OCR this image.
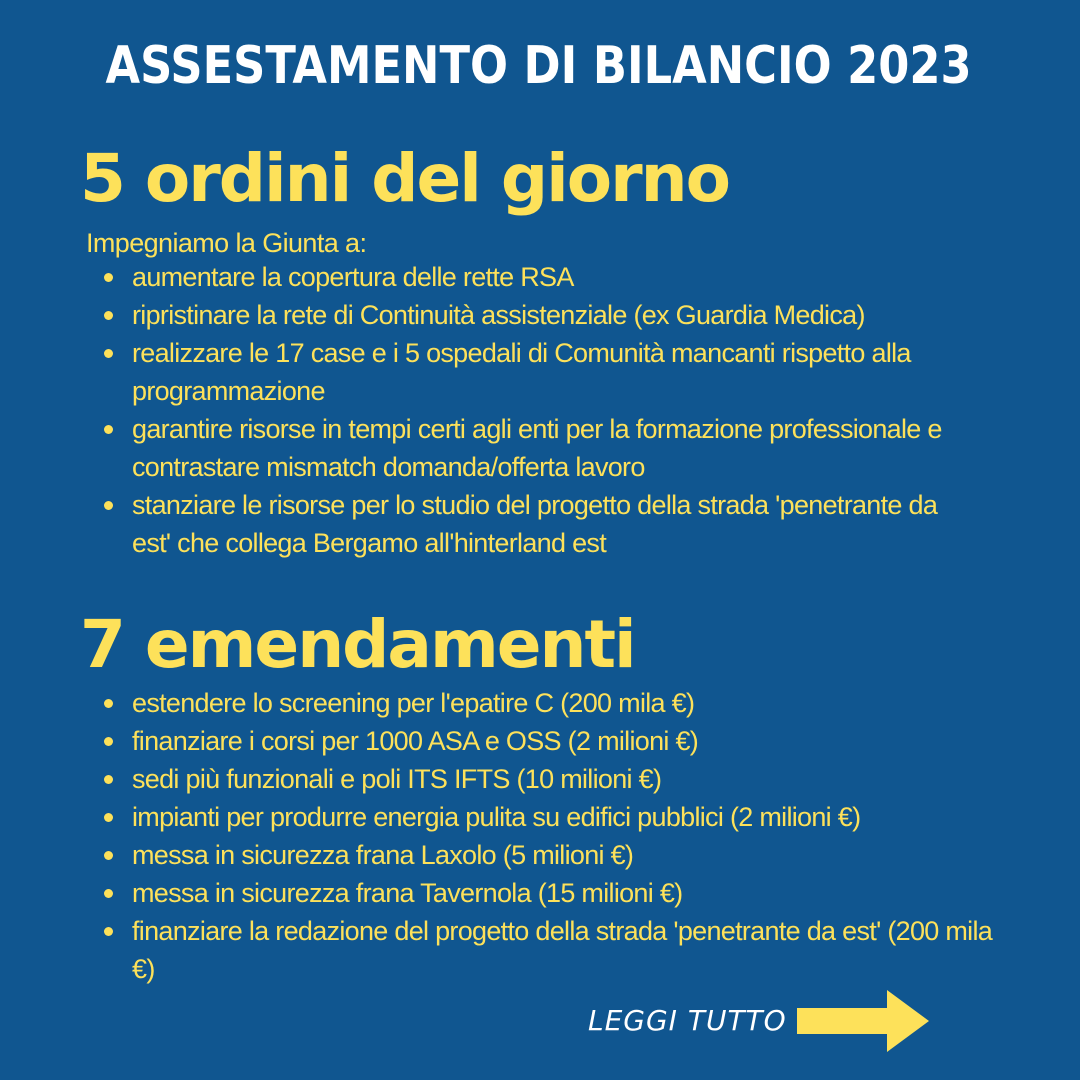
ASSESTAMENTO DI BILANCIO 2023
5 ordini del giorno
Impegniamo la Giunta a:
aumentare la copertura delle rette RSA
ripristinare la rete di Continuità assistenziale (ex Guardia Medica)
realizzare le 17 case e i 5 ospedali di Comunità mancanti rispetto alla programmazione
garantire risorse in tempi certi agli enti per la formazione professionale e contrastare mismatch domanda/offerta lavoro
stanziare le risorse per lo studio del progetto della strada 'penetrante da est' che collega Bergamo all'hinterland est
7 emendamenti
estendere lo screening per l'epatire C (200 mila €)
finanziare i corsi per 1000 ASA e OSS (2 milioni €)
sedi più funzionali e poli ITS IFTS (10 milioni €)
impianti per produrre energia pulita su edifici pubblici (2 milioni €)
messa in sicurezza frana Laxolo (5 milioni €)
messa in sicurezza frana Tavernola (15 milioni €)
finanziare la redazione del progetto della strada 'penetrante da est' (200 mila €)
LEGGI TUTTO
